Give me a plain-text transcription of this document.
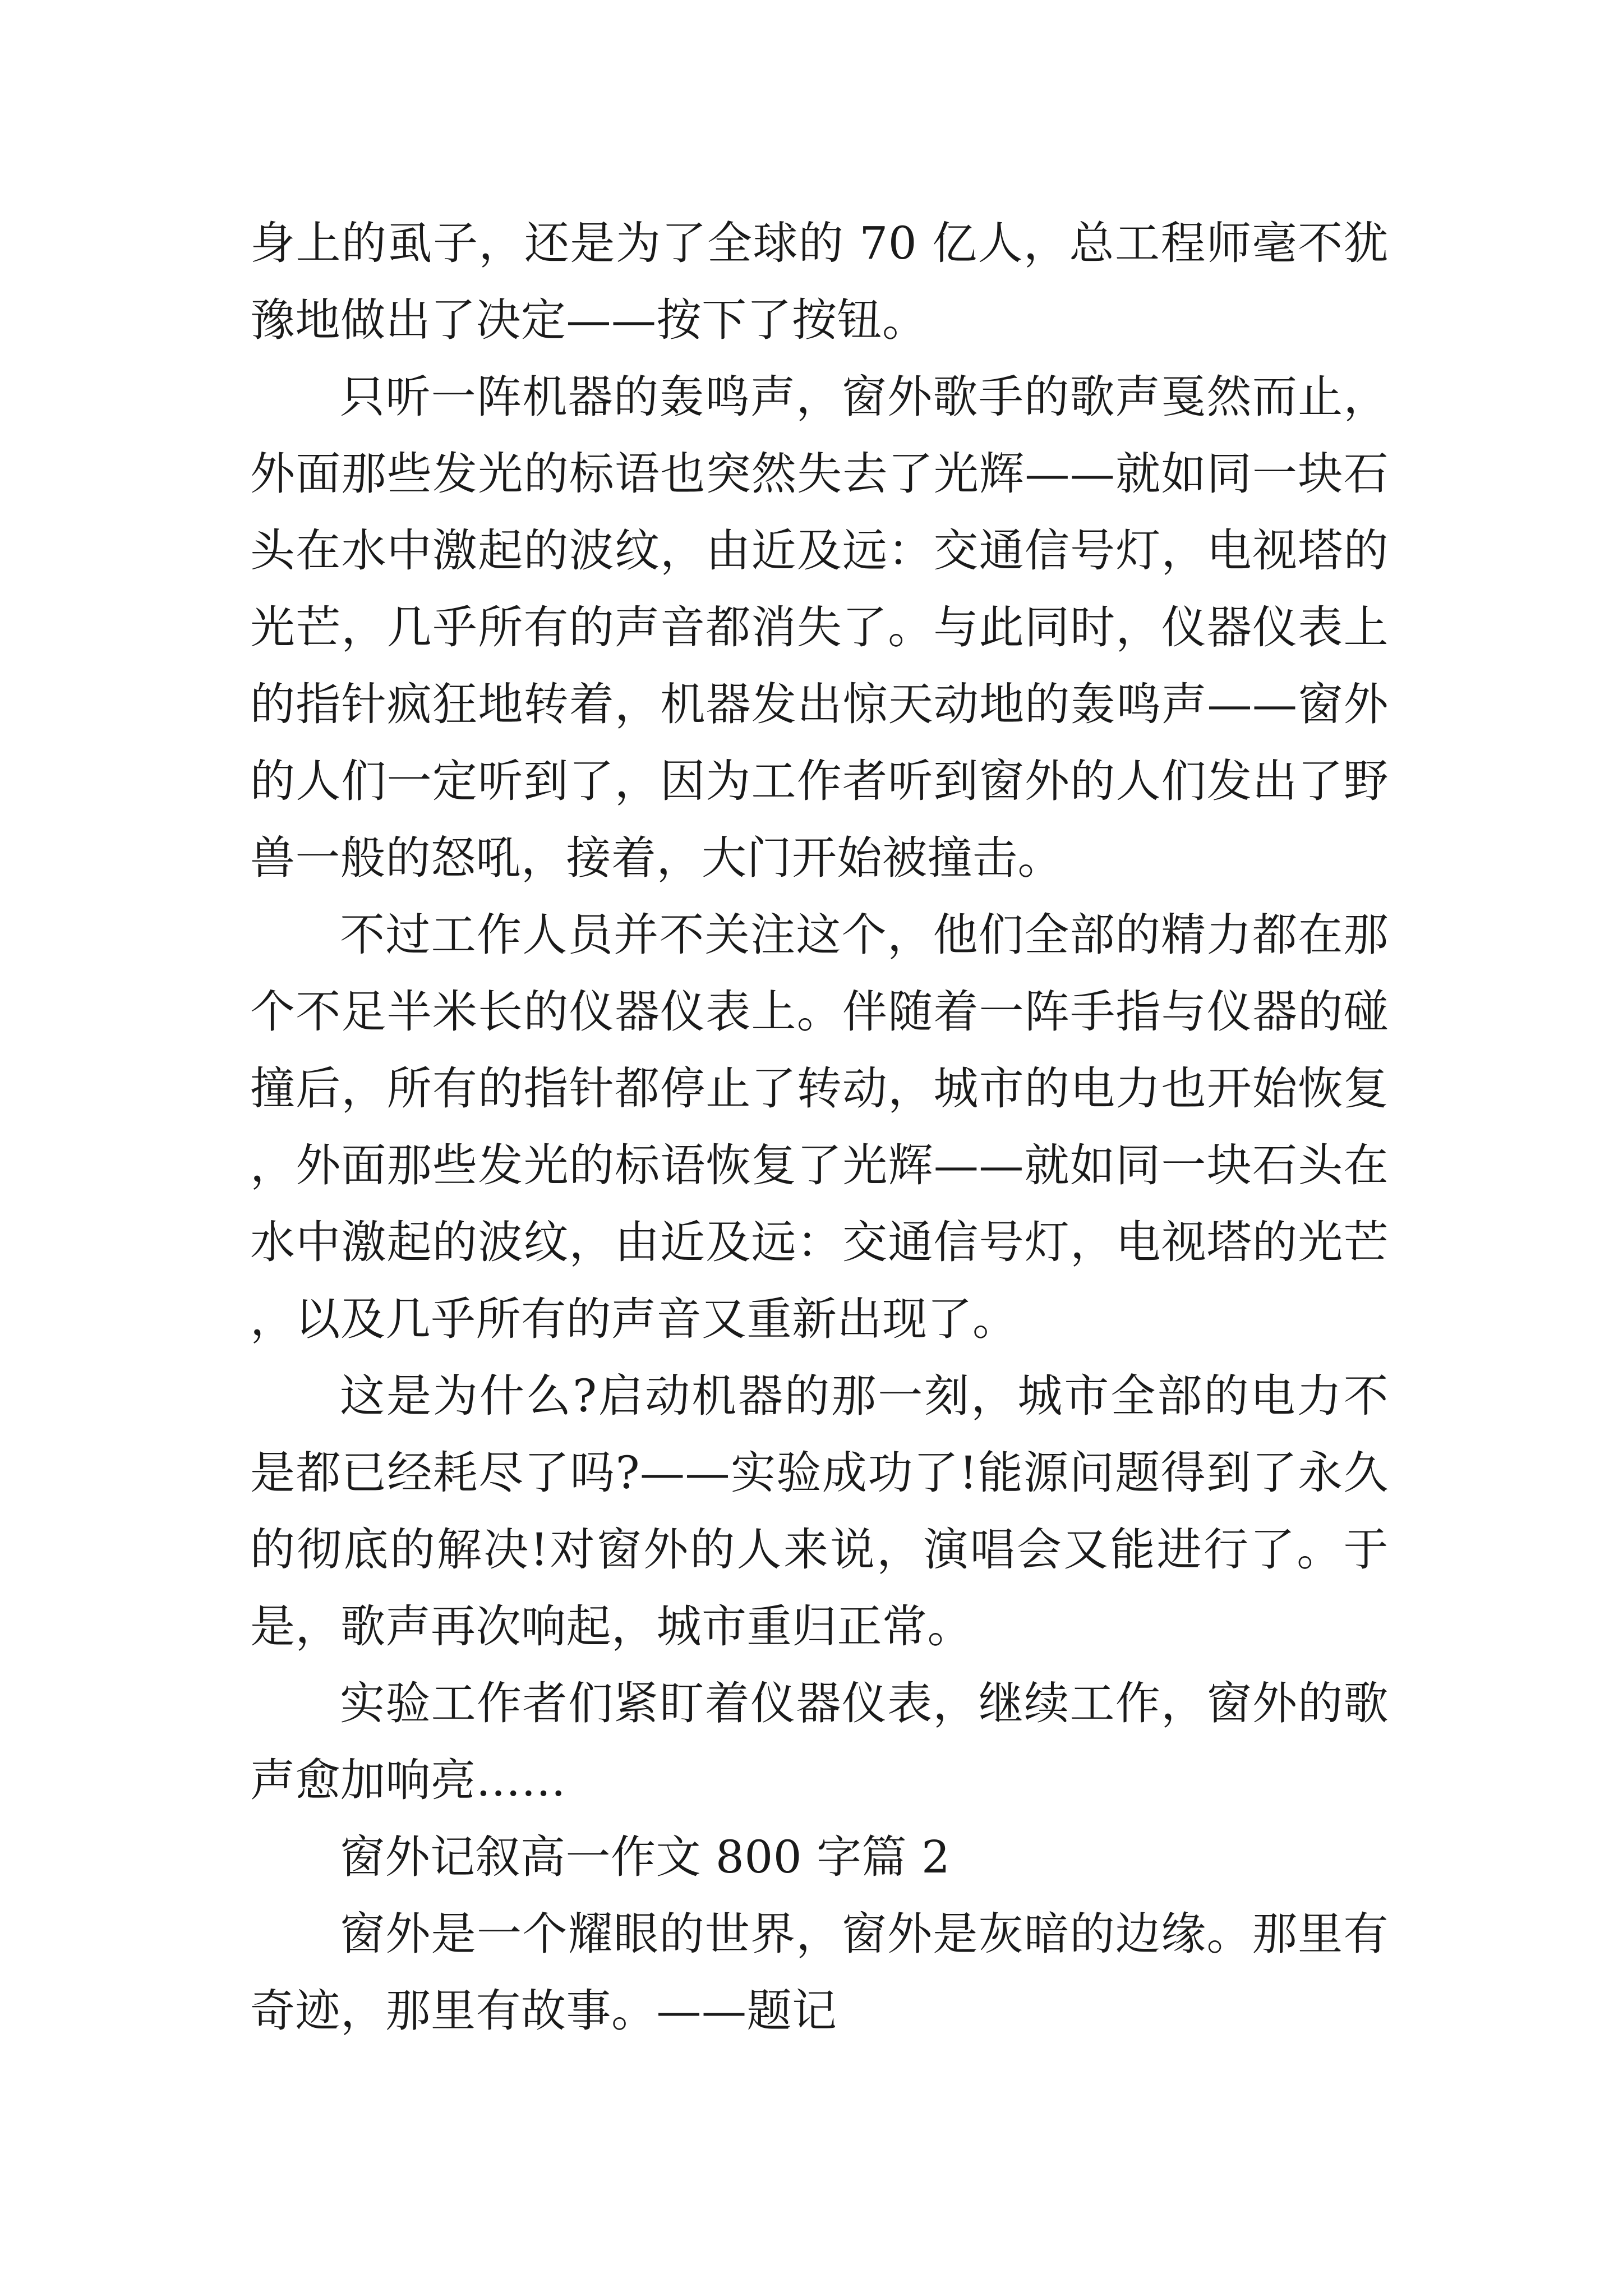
身上的虱子，还是为了全球的 70 亿人，总工程师毫不犹豫地做出了决定——按下了按钮。

只听一阵机器的轰鸣声，窗外歌手的歌声戛然而止，外面那些发光的标语也突然失去了光辉——就如同一块石头在水中激起的波纹，由近及远：交通信号灯，电视塔的光芒，几乎所有的声音都消失了。与此同时，仪器仪表上的指针疯狂地转着，机器发出惊天动地的轰鸣声——窗外的人们一定听到了，因为工作者听到窗外的人们发出了野兽一般的怒吼，接着，大门开始被撞击。

不过工作人员并不关注这个，他们全部的精力都在那个不足半米长的仪器仪表上。伴随着一阵手指与仪器的碰撞后，所有的指针都停止了转动，城市的电力也开始恢复，外面那些发光的标语恢复了光辉——就如同一块石头在水中激起的波纹，由近及远：交通信号灯，电视塔的光芒，以及几乎所有的声音又重新出现了。

这是为什么?启动机器的那一刻，城市全部的电力不是都已经耗尽了吗?——实验成功了!能源问题得到了永久的彻底的解决!对窗外的人来说，演唱会又能进行了。于是，歌声再次响起，城市重归正常。

实验工作者们紧盯着仪器仪表，继续工作，窗外的歌声愈加响亮……

窗外记叙高一作文 800 字篇 2

窗外是一个耀眼的世界，窗外是灰暗的边缘。那里有奇迹，那里有故事。——题记
